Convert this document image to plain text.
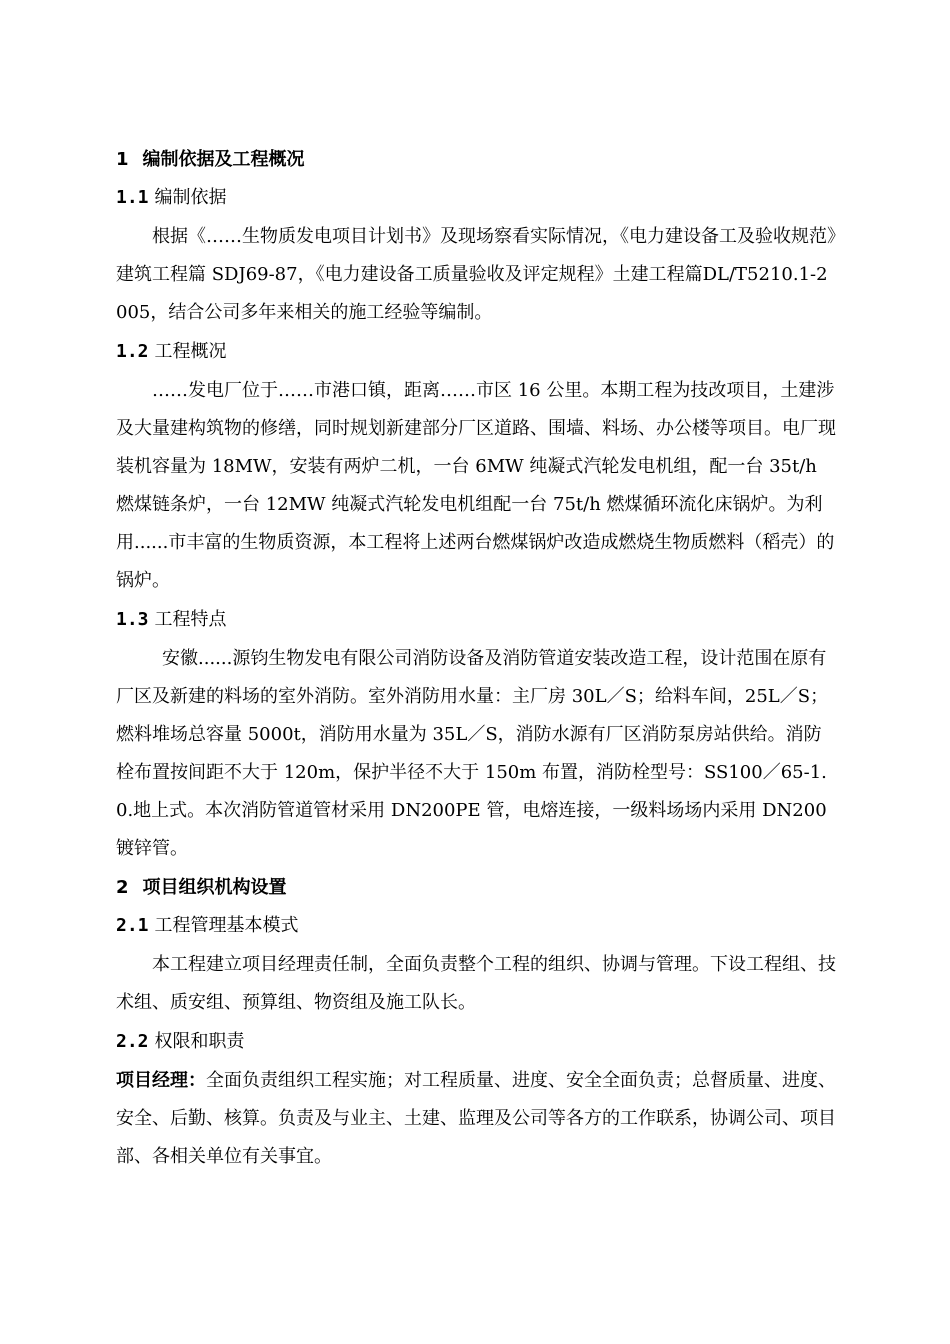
1 编制依据及工程概况
1.1 编制依据
根据《……生物质发电项目计划书》及现场察看实际情况，《电力建设备工及验收规范》建筑工程篇 SDJ69-87，《电力建设备工质量验收及评定规程》土建工程篇DL/T5210.1-2005，结合公司多年来相关的施工经验等编制。
1.2 工程概况
……发电厂位于……市港口镇，距离……市区 16 公里。本期工程为技改项目，土建涉及大量建构筑物的修缮，同时规划新建部分厂区道路、围墙、料场、办公楼等项目。电厂现装机容量为 18MW，安装有两炉二机，一台 6MW 纯凝式汽轮发电机组，配一台 35t/h 燃煤链条炉，一台 12MW 纯凝式汽轮发电机组配一台 75t/h 燃煤循环流化床锅炉。为利用......市丰富的生物质资源，本工程将上述两台燃煤锅炉改造成燃烧生物质燃料（稻壳）的锅炉。
1.3 工程特点
安徽......源钧生物发电有限公司消防设备及消防管道安装改造工程，设计范围在原有厂区及新建的料场的室外消防。室外消防用水量：主厂房 30L／S；给料车间，25L／S；燃料堆场总容量 5000t，消防用水量为 35L／S，消防水源有厂区消防泵房站供给。消防栓布置按间距不大于 120m，保护半径不大于 150m 布置，消防栓型号：SS100／65-1.0.地上式。本次消防管道管材采用 DN200PE 管，电熔连接，一级料场场内采用 DN200 镀锌管。
2 项目组织机构设置
2.1 工程管理基本模式
本工程建立项目经理责任制，全面负责整个工程的组织、协调与管理。下设工程组、技术组、质安组、预算组、物资组及施工队长。
2.2 权限和职责
项目经理：全面负责组织工程实施；对工程质量、进度、安全全面负责；总督质量、进度、安全、后勤、核算。负责及与业主、土建、监理及公司等各方的工作联系，协调公司、项目部、各相关单位有关事宜。
